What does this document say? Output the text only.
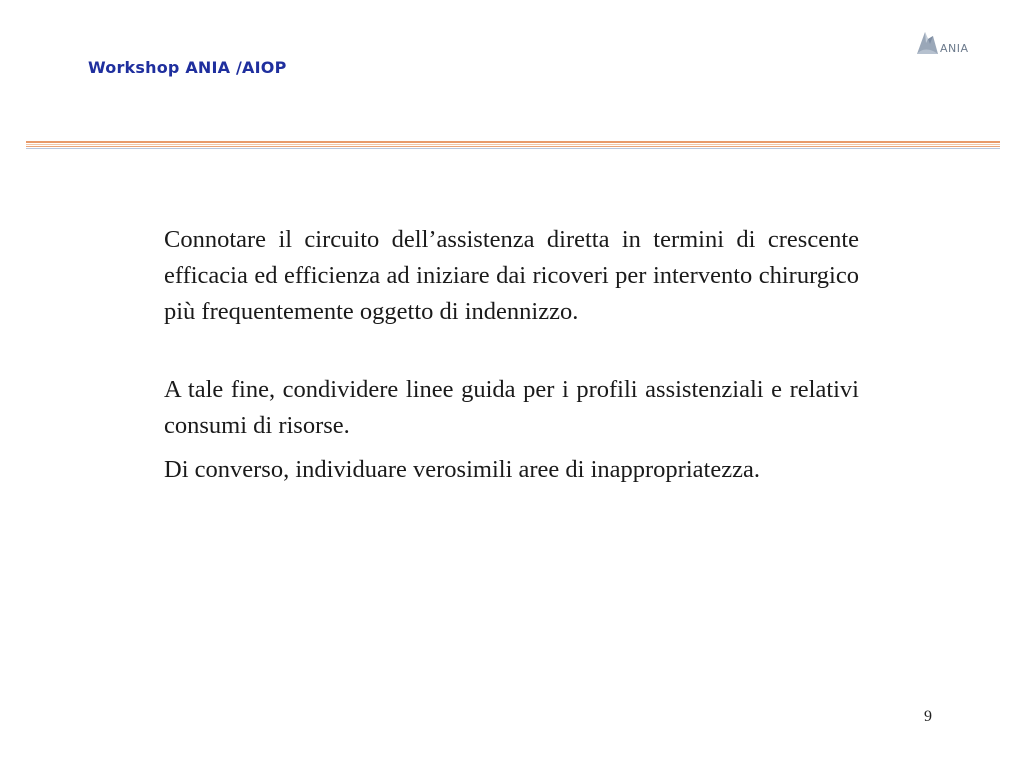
Workshop ANIA /AIOP
ANIA

Connotare il circuito dell’assistenza diretta in termini di crescente efficacia ed efficienza ad iniziare dai ricoveri per intervento chirurgico più frequentemente oggetto di indennizzo.

A tale fine, condividere linee guida per i profili assistenziali e relativi consumi di risorse.

Di converso, individuare verosimili aree di inappropriatezza.

9
